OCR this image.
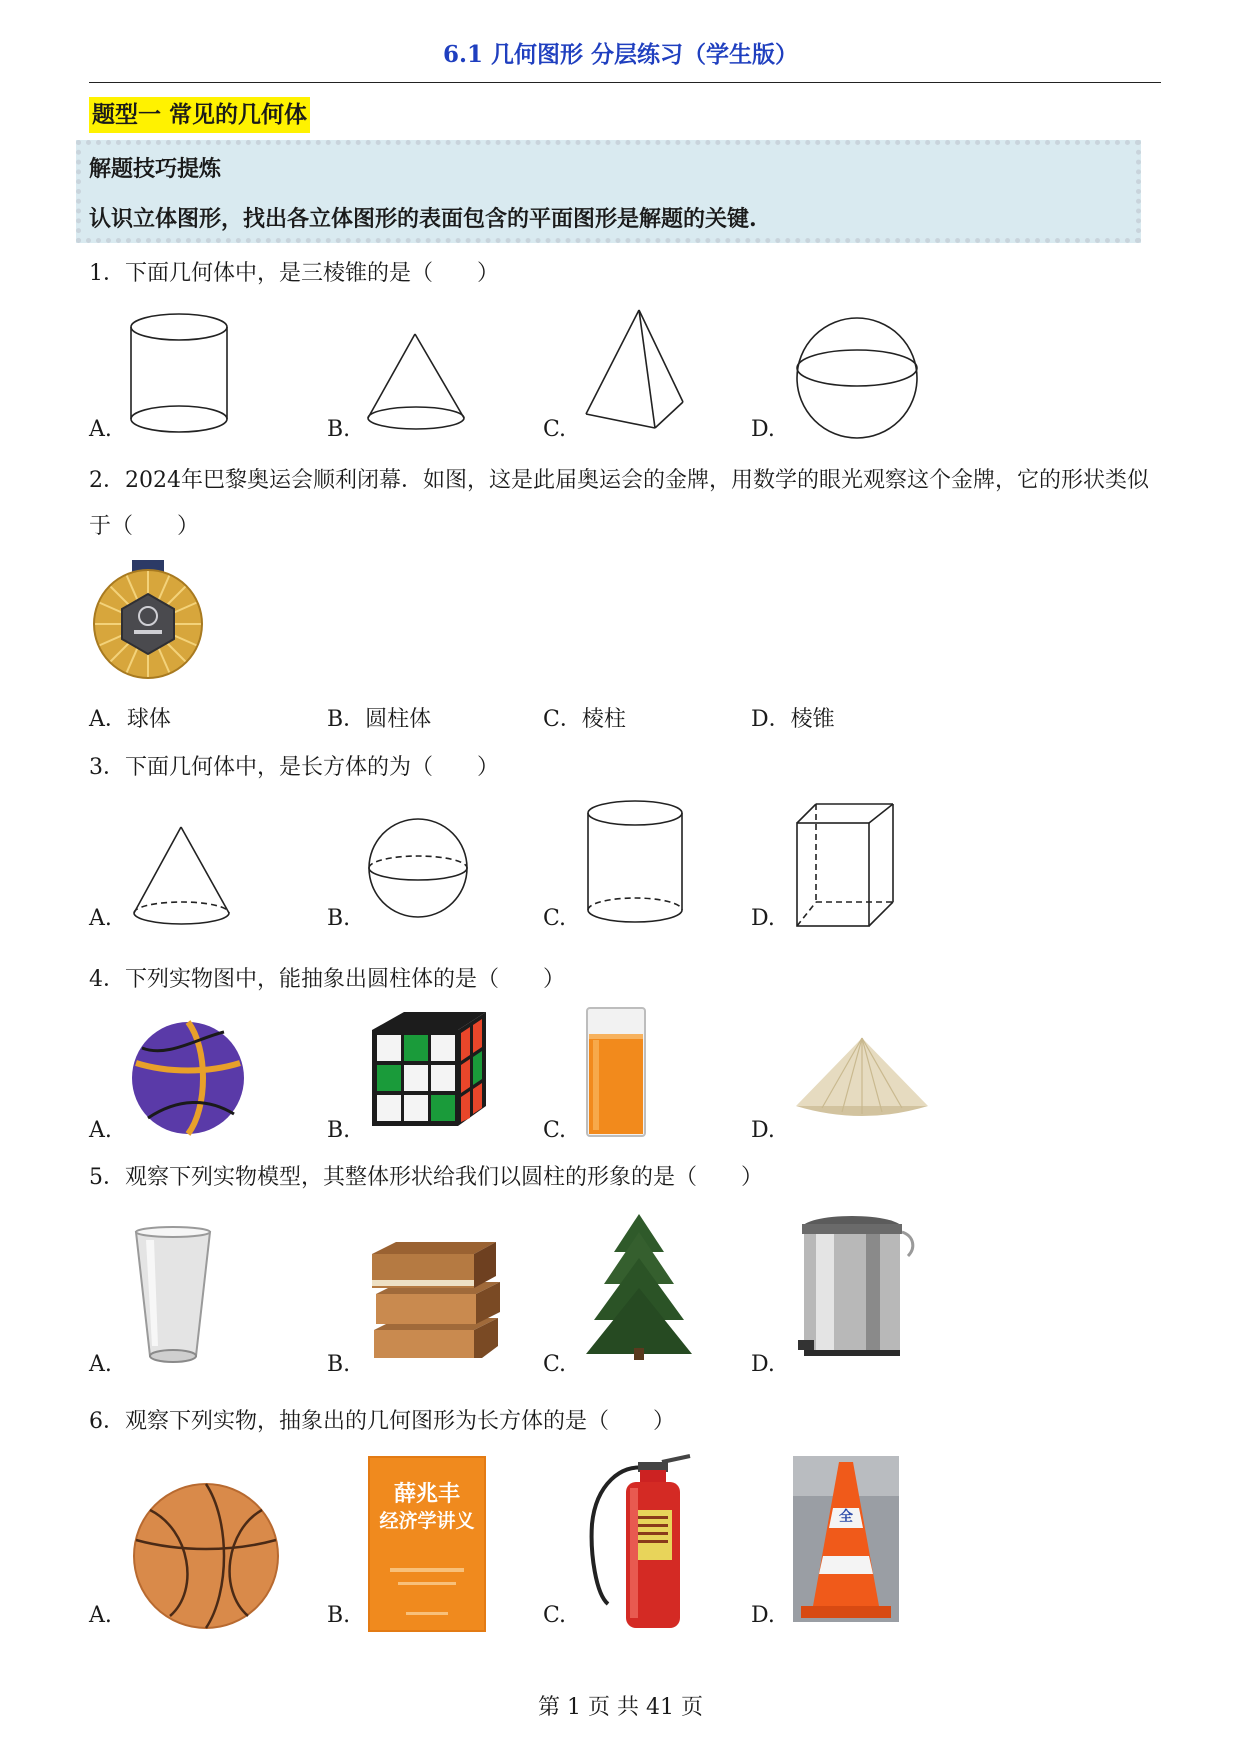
6.1 几何图形 分层练习（学生版）
题型一 常见的几何体
解题技巧提炼
认识立体图形，找出各立体图形的表面包含的平面图形是解题的关键.
1．下面几何体中，是三棱锥的是（　　）
A.	B.	C.	D.
2．2024年巴黎奥运会顺利闭幕．如图，这是此届奥运会的金牌，用数学的眼光观察这个金牌，它的形状类似于（　　）
A．球体	B．圆柱体	C．棱柱	D．棱锥
3．下面几何体中，是长方体的为（　　）
A.	B.	C.	D.
4．下列实物图中，能抽象出圆柱体的是（　　）
A.	B.	C.	D.
5．观察下列实物模型，其整体形状给我们以圆柱的形象的是（　　）
A.	B.	C.	D.
6．观察下列实物，抽象出的几何图形为长方体的是（　　）
A.	B.	C.	D.
薛兆丰
经济学讲义	全
第 1 页 共 41 页
